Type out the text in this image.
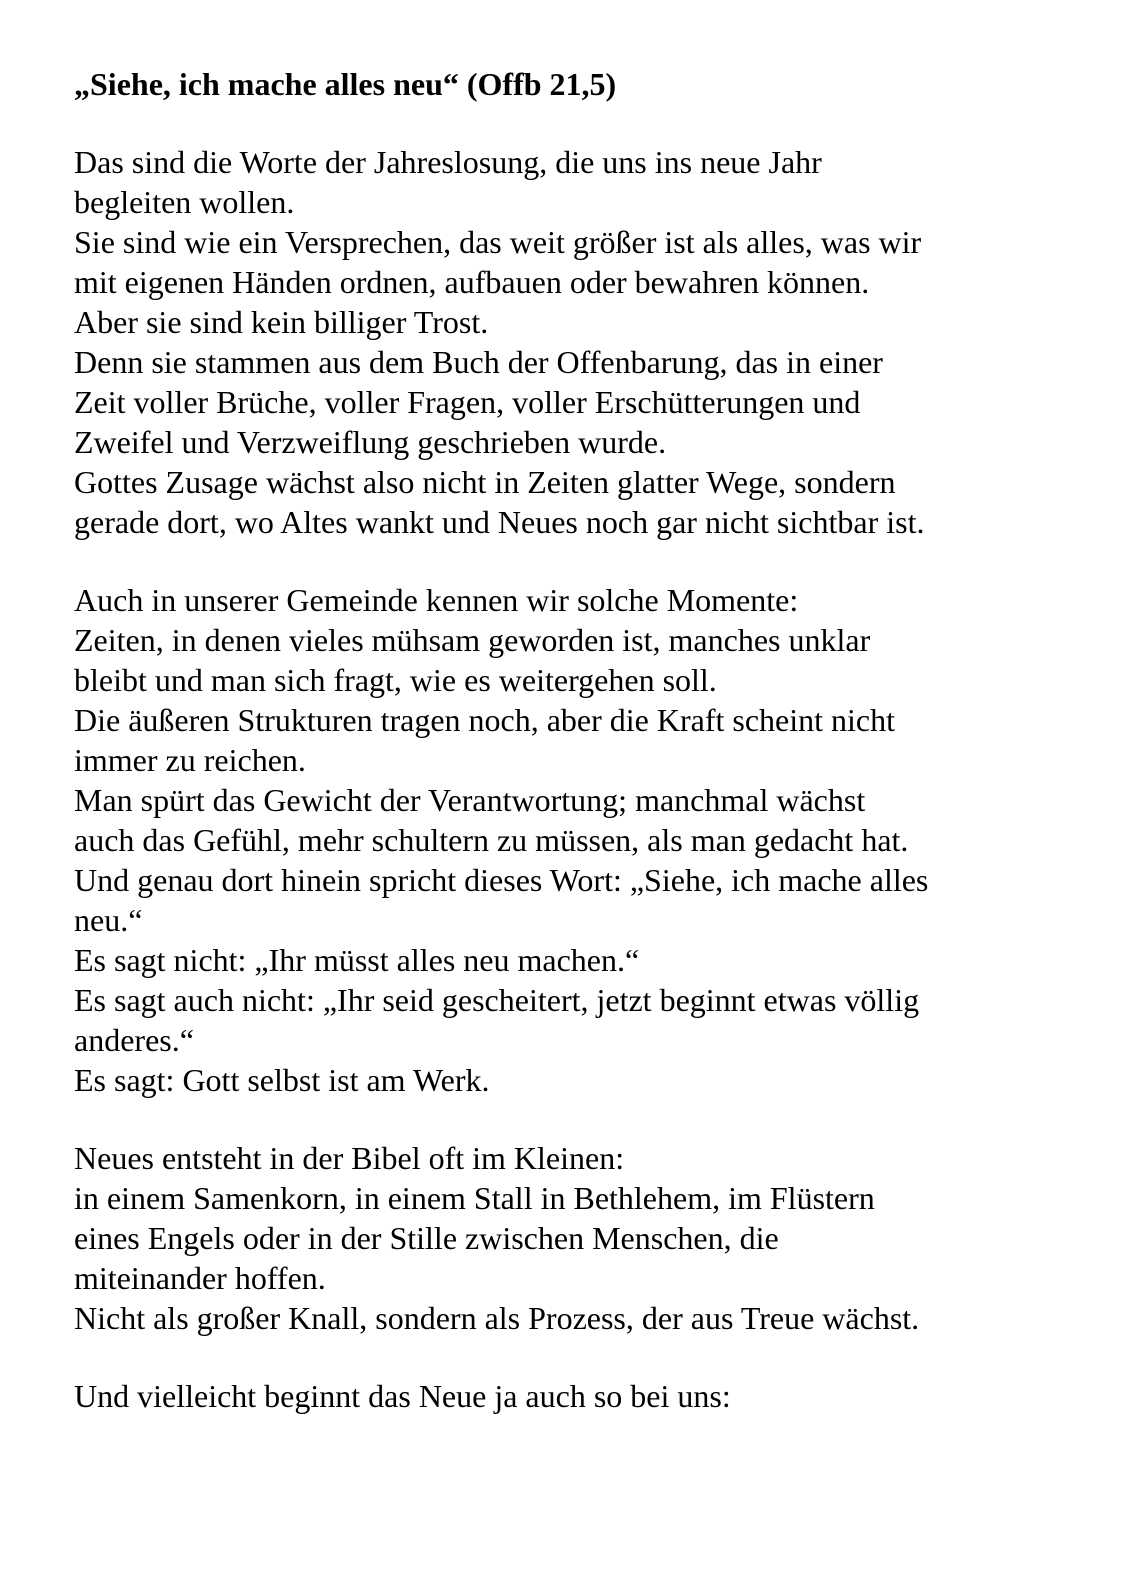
„Siehe, ich mache alles neu“ (Offb 21,5)

Das sind die Worte der Jahreslosung, die uns ins neue Jahr
begleiten wollen.
Sie sind wie ein Versprechen, das weit größer ist als alles, was wir
mit eigenen Händen ordnen, aufbauen oder bewahren können.
Aber sie sind kein billiger Trost.
Denn sie stammen aus dem Buch der Offenbarung, das in einer
Zeit voller Brüche, voller Fragen, voller Erschütterungen und
Zweifel und Verzweiflung geschrieben wurde.
Gottes Zusage wächst also nicht in Zeiten glatter Wege, sondern
gerade dort, wo Altes wankt und Neues noch gar nicht sichtbar ist.

Auch in unserer Gemeinde kennen wir solche Momente:
Zeiten, in denen vieles mühsam geworden ist, manches unklar
bleibt und man sich fragt, wie es weitergehen soll.
Die äußeren Strukturen tragen noch, aber die Kraft scheint nicht
immer zu reichen.
Man spürt das Gewicht der Verantwortung; manchmal wächst
auch das Gefühl, mehr schultern zu müssen, als man gedacht hat.
Und genau dort hinein spricht dieses Wort: „Siehe, ich mache alles
neu.“
Es sagt nicht: „Ihr müsst alles neu machen.“
Es sagt auch nicht: „Ihr seid gescheitert, jetzt beginnt etwas völlig
anderes.“
Es sagt: Gott selbst ist am Werk.

Neues entsteht in der Bibel oft im Kleinen:
in einem Samenkorn, in einem Stall in Bethlehem, im Flüstern
eines Engels oder in der Stille zwischen Menschen, die
miteinander hoffen.
Nicht als großer Knall, sondern als Prozess, der aus Treue wächst.

Und vielleicht beginnt das Neue ja auch so bei uns:
